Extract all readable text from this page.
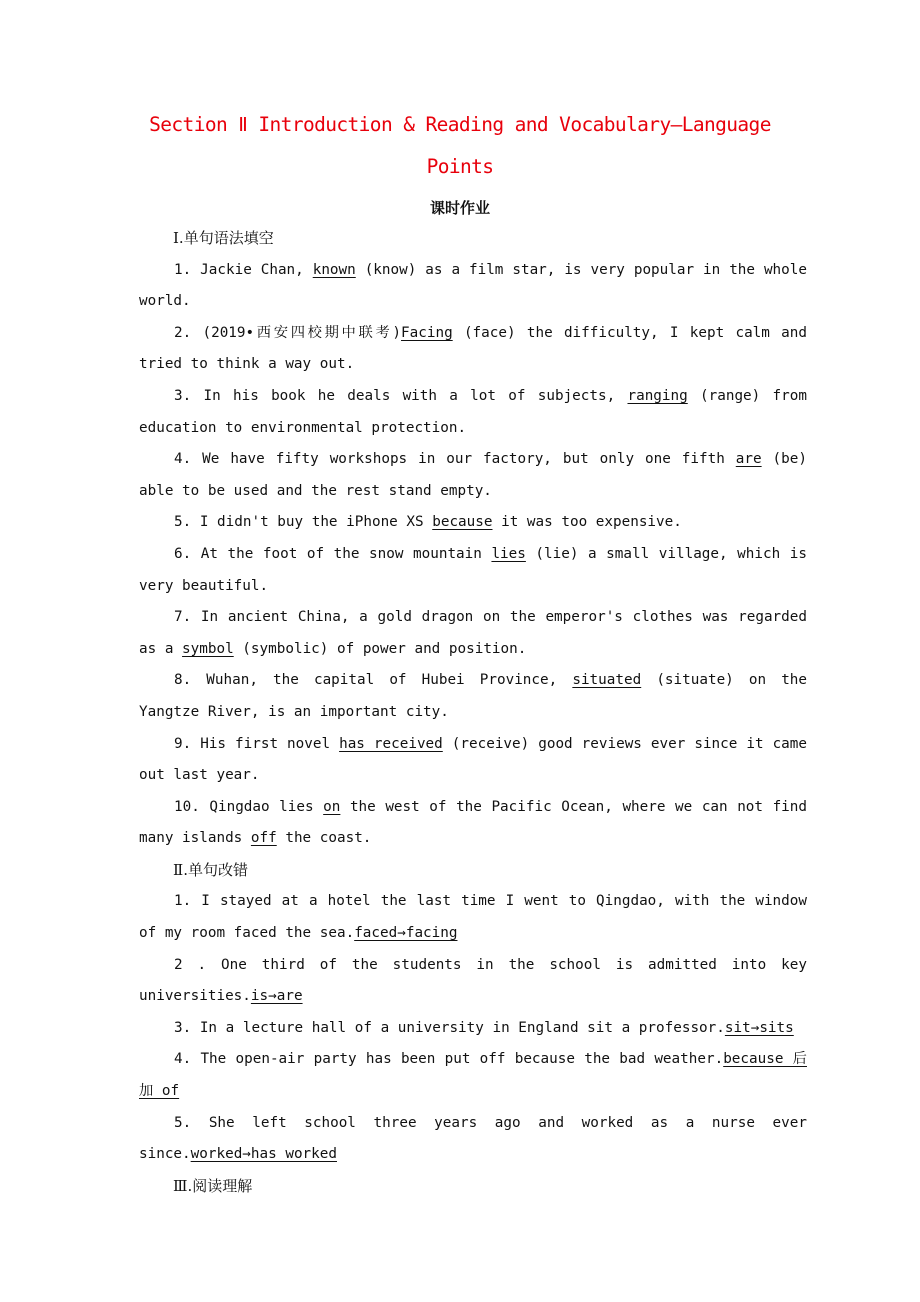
Section Ⅱ Introduction & Reading and Vocabulary—Language
Points
课时作业
Ⅰ.单句语法填空

1. Jackie Chan, known (know) as a film star, is very popular in the whole world.

2. (2019•西安四校期中联考)Facing (face) the difficulty, I kept calm and tried to think a way out.

3. In his book he deals with a lot of subjects, ranging (range) from education to environmental protection.

4. We have fifty workshops in our factory, but only one fifth are (be) able to be used and the rest stand empty.

5. I didn't buy the iPhone XS because it was too expensive.

6. At the foot of the snow mountain lies (lie) a small village, which is very beautiful.

7. In ancient China, a gold dragon on the emperor's clothes was regarded as a symbol (symbolic) of power and position.

8. Wuhan, the capital of Hubei Province, situated (situate) on the Yangtze River, is an important city.

9. His first novel has received (receive) good reviews ever since it came out last year.

10. Qingdao lies on the west of the Pacific Ocean, where we can not find many islands off the coast.

Ⅱ.单句改错

1. I stayed at a hotel the last time I went to Qingdao, with the window of my room faced the sea.faced→facing

2 . One third of the students in the school is admitted into key universities.is→are

3. In a lecture hall of a university in England sit a professor.sit→sits

4. The open-air party has been put off because the bad weather.because 后加 of

5. She left school three years ago and worked as a nurse ever since.worked→has worked

Ⅲ.阅读理解
